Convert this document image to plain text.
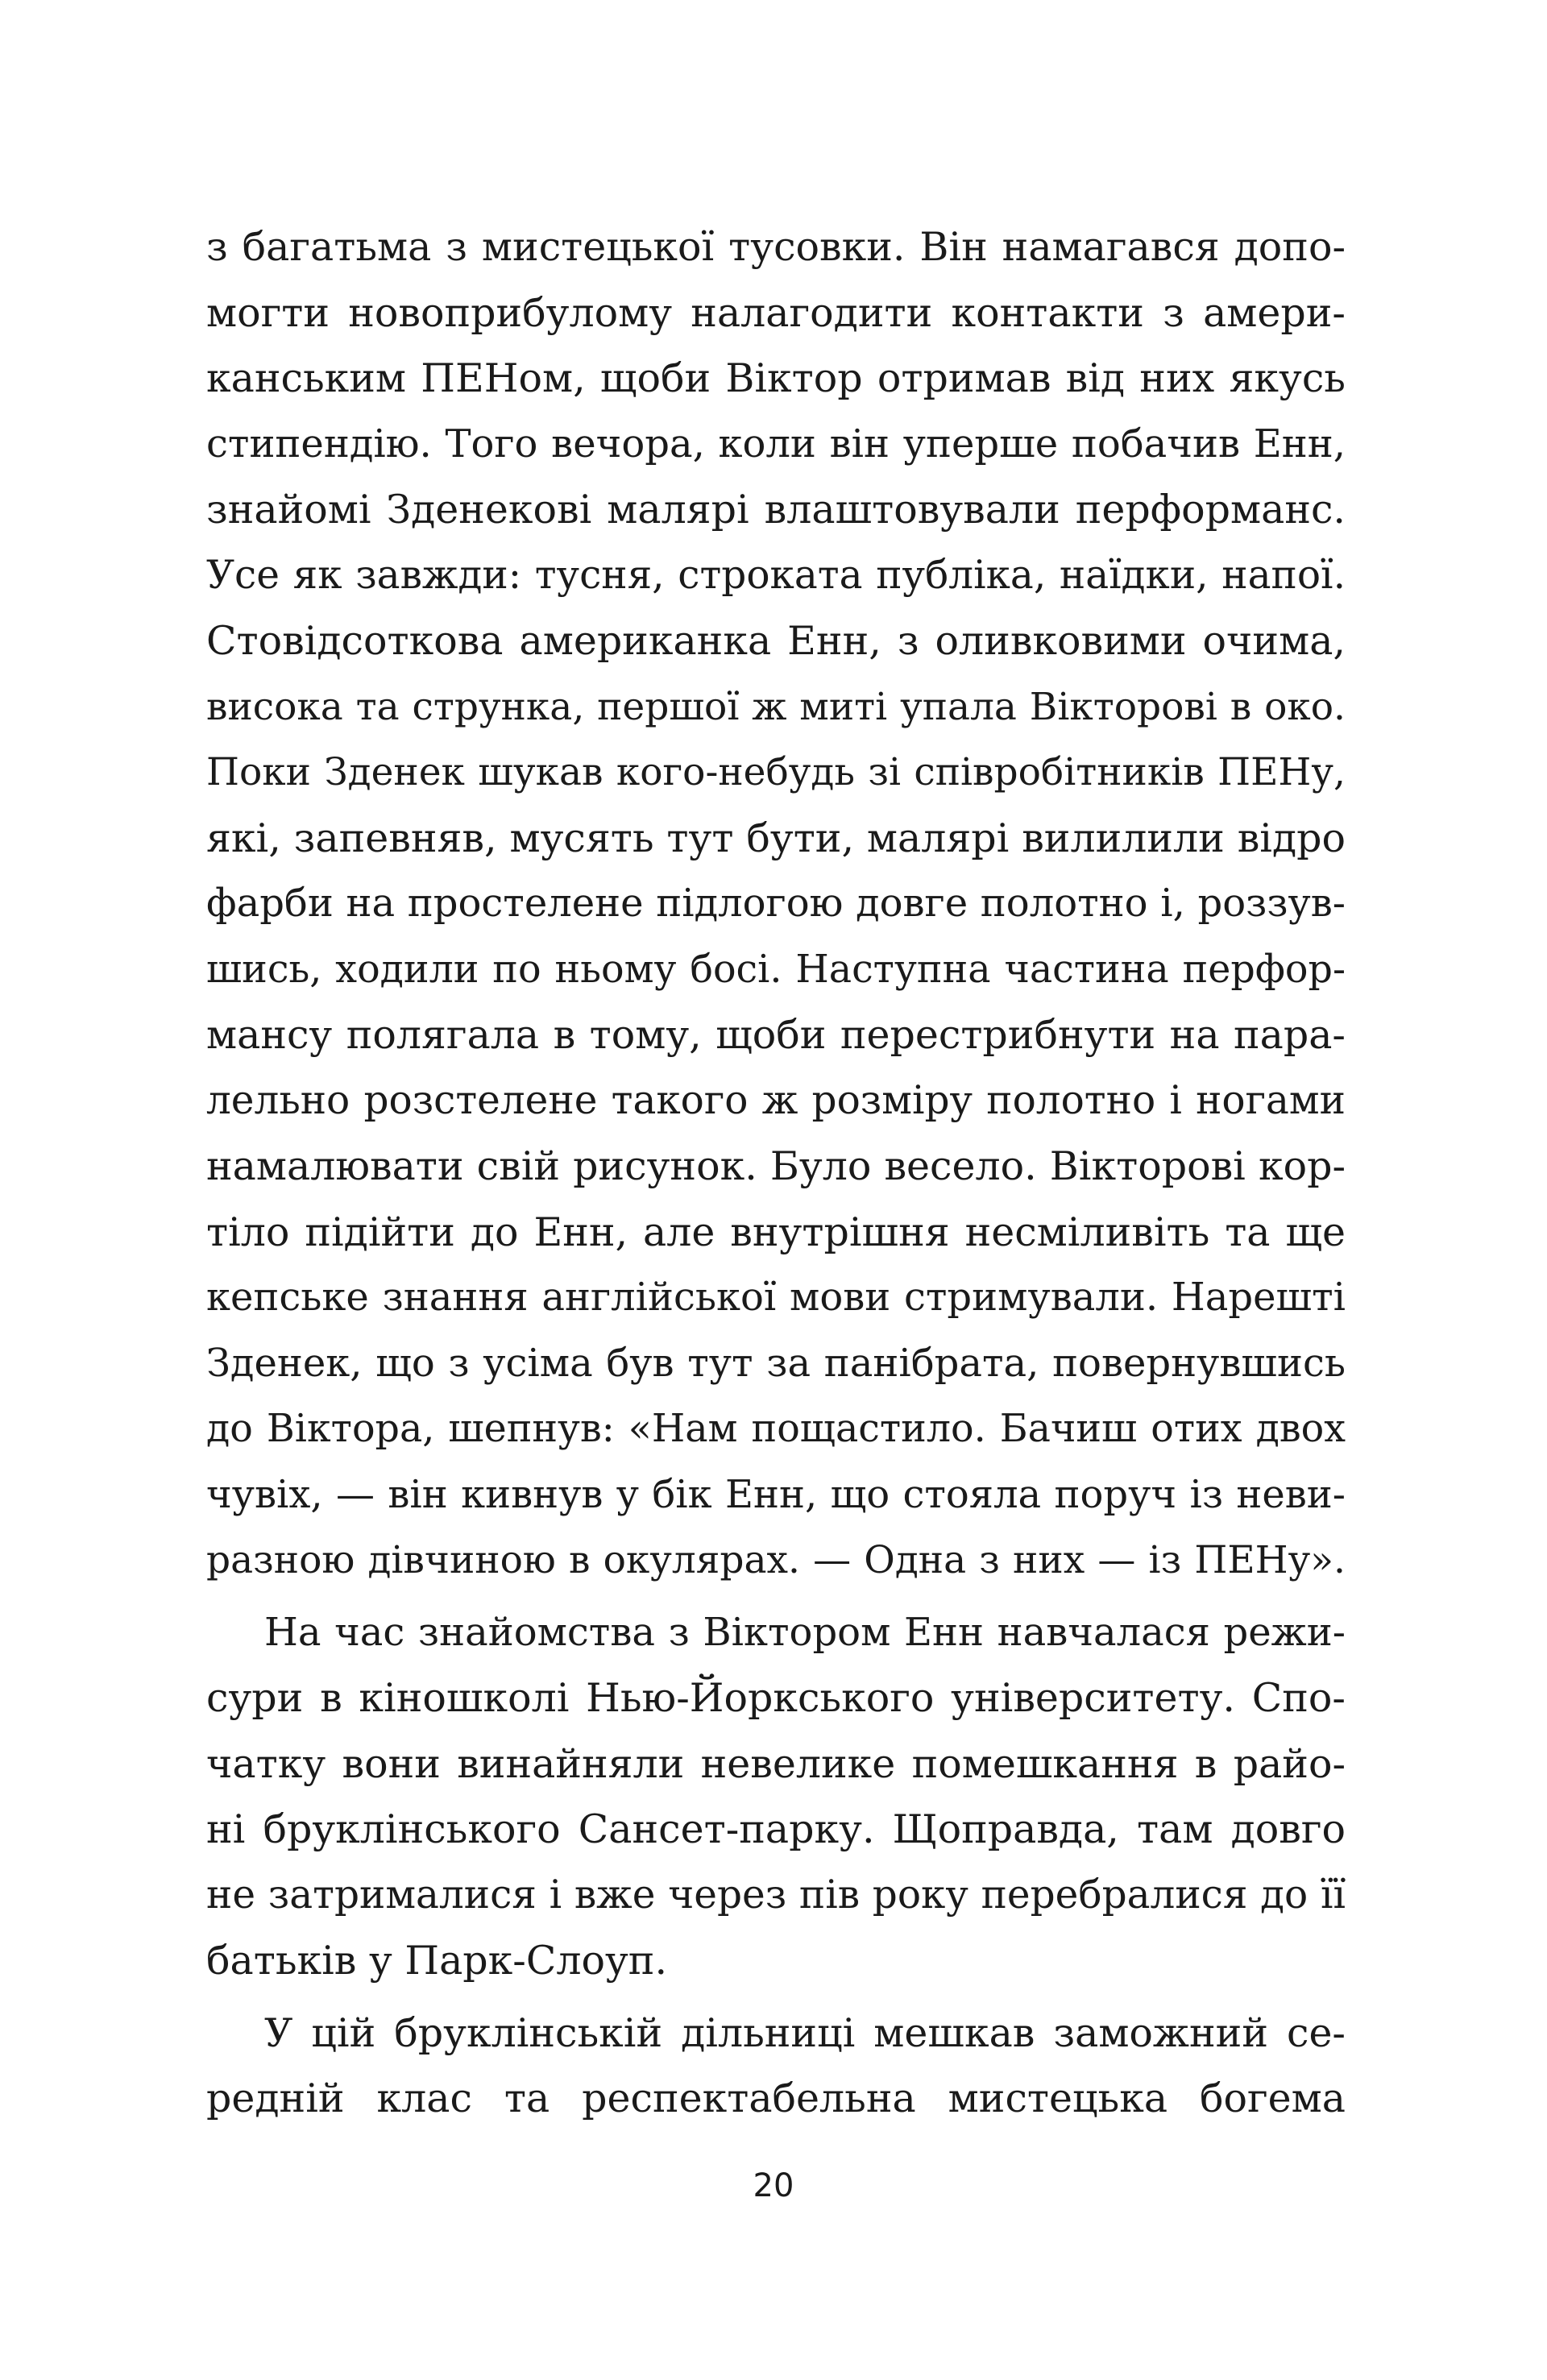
з багатьма з мистецької тусовки. Він намагався допо-
могти новоприбулому налагодити контакти з амери-
канським ПЕНом, щоби Віктор отримав від них якусь
стипендію. Того вечора, коли він уперше побачив Енн,
знайомі Зденекові малярі влаштовували перформанс.
Усе як завжди: тусня, строката публіка, наїдки, напої.
Стовідсоткова американка Енн, з оливковими очима,
висока та струнка, першої ж миті упала Вікторові в око.
Поки Зденек шукав кого-небудь зі співробітників ПЕНу,
які, запевняв, мусять тут бути, малярі вилилили відро
фарби на простелене підлогою довге полотно і, роззув-
шись, ходили по ньому босі. Наступна частина перфор-
мансу полягала в тому, щоби перестрибнути на пара-
лельно розстелене такого ж розміру полотно і ногами
намалювати свій рисунок. Було весело. Вікторові кор-
тіло підійти до Енн, але внутрішня несміливіть та ще
кепське знання англійської мови стримували. Нарешті
Зденек, що з усіма був тут за панібрата, повернувшись
до Віктора, шепнув: «Нам пощастило. Бачиш отих двох
чувіх, — він кивнув у бік Енн, що стояла поруч із неви-
разною дівчиною в окулярах. — Одна з них — із ПЕНу».
На час знайомства з Віктором Енн навчалася режи-
сури в кіношколі Нью-Йоркського університету. Спо-
чатку вони винайняли невелике помешкання в райо-
ні бруклінського Сансет-парку. Щоправда, там довго
не затрималися і вже через пів року перебралися до її
батьків у Парк-Слоуп.
У цій бруклінській дільниці мешкав заможний се-
редній клас та респектабельна мистецька богема
20
